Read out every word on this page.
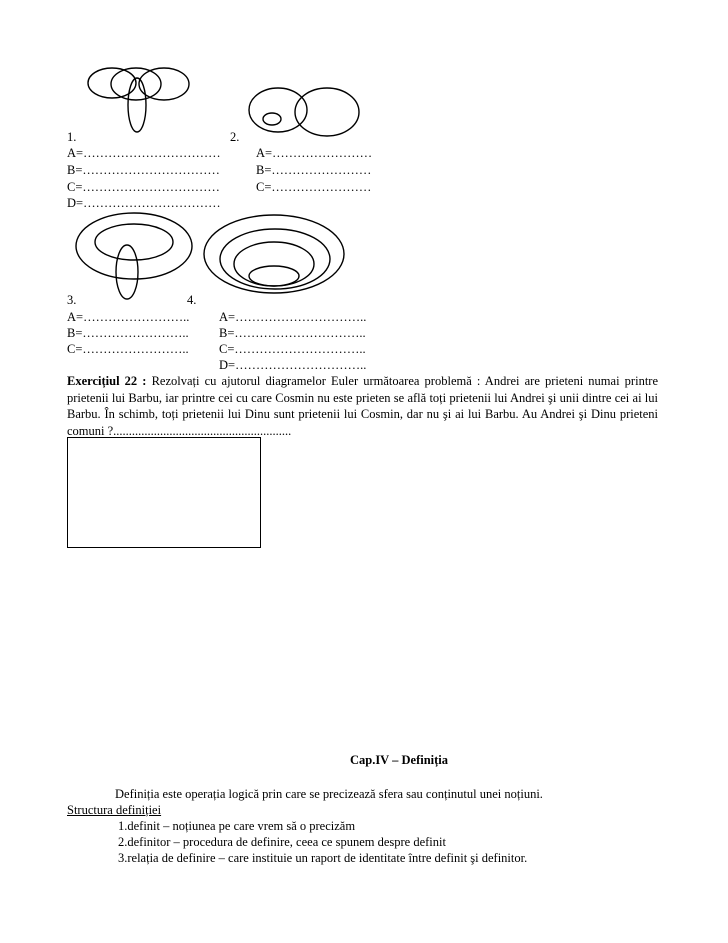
1.	2.
A=……………………………
B=……………………………
C=……………………………
D=……………………………
A=……………………
B=……………………
C=……………………
3.	4.
A=……………………..
B=……………………..
C=……………………..
A=…………………………..
B=…………………………..
C=…………………………..
D=…………………………..
Exercițiul 22 : Rezolvați cu ajutorul diagramelor Euler următoarea problemă : Andrei are prieteni numai printre prietenii lui Barbu, iar printre cei cu care Cosmin nu este prieten se află toți prietenii lui Andrei şi unii dintre cei ai lui Barbu. În schimb, toți prietenii lui Dinu sunt prietenii lui Cosmin, dar nu şi ai lui Barbu. Au Andrei şi Dinu prieteni comuni ?.........................................................
Cap.IV – Definiția
Definiția este operația logică prin care se precizează sfera sau conținutul unei noțiuni.
Structura definiției
1.definit – noțiunea pe care vrem să o precizăm
2.definitor – procedura de definire, ceea ce spunem despre definit
3.relația de definire – care instituie un raport de identitate între definit şi definitor.
